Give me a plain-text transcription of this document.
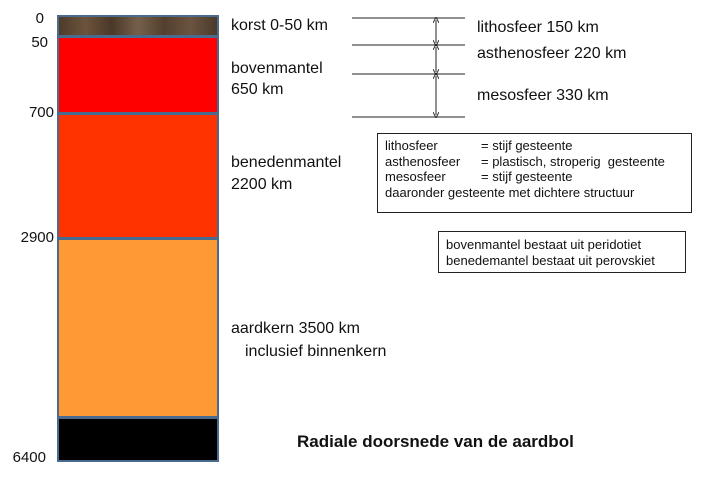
0
50
700
2900
6400
korst 0-50 km
bovenmantel
650 km
benedenmantel
2200 km
aardkern 3500 km
inclusief binnenkern
lithosfeer 150 km
asthenosfeer 220 km
mesosfeer 330 km
lithosfeer	= stijf gesteente
asthenosfeer = plastisch, stroperig  gesteente
mesosfeer	= stijf gesteente
daaronder gesteente met dichtere structuur
bovenmantel bestaat uit peridotiet
benedemantel bestaat uit perovskiet
Radiale doorsnede van de aardbol
